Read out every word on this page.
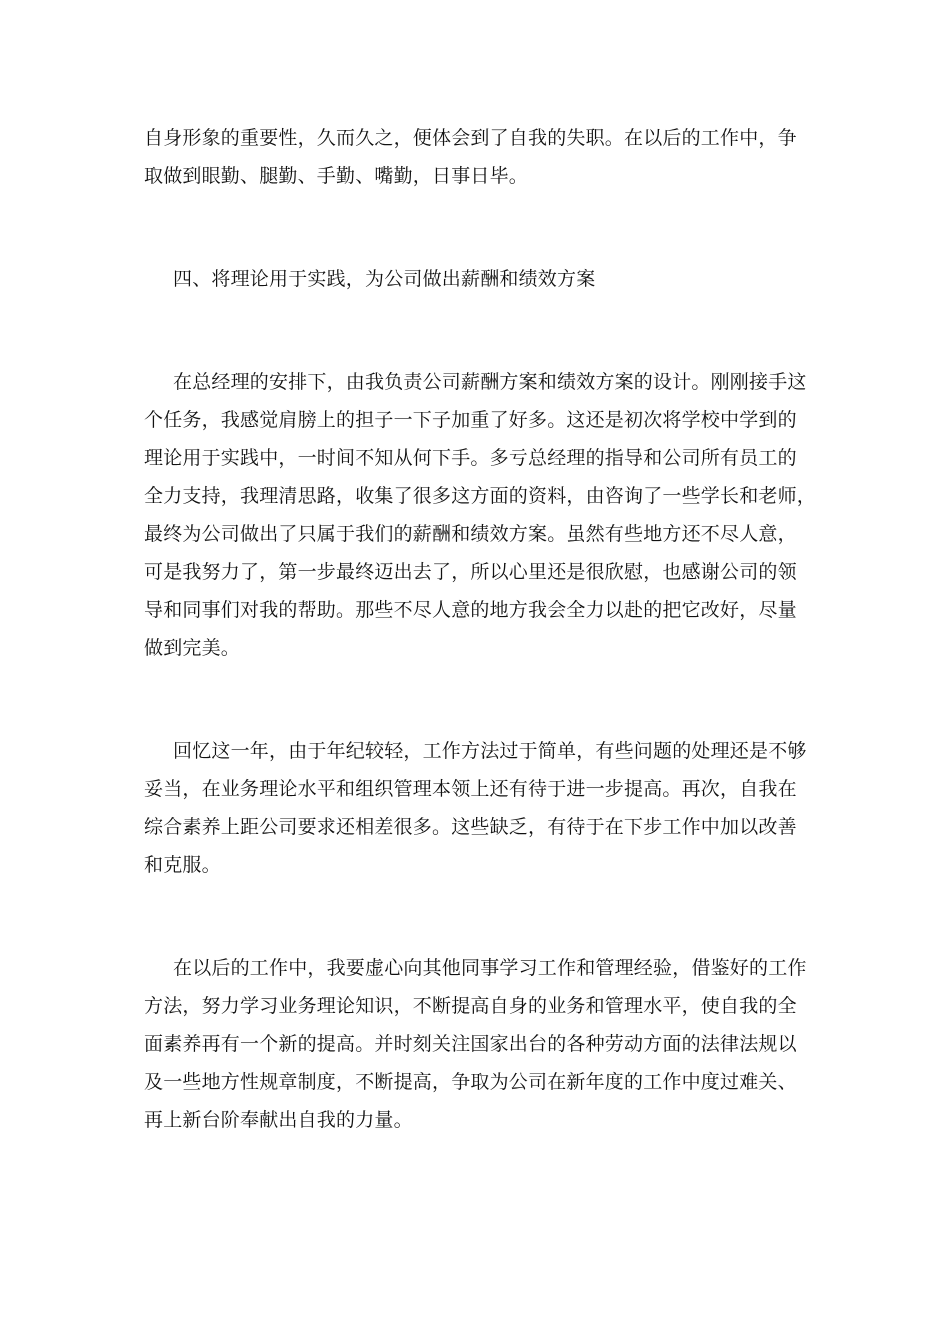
自身形象的重要性，久而久之，便体会到了自我的失职。在以后的工作中，争
取做到眼勤、腿勤、手勤、嘴勤，日事日毕。
四、将理论用于实践，为公司做出薪酬和绩效方案
在总经理的安排下，由我负责公司薪酬方案和绩效方案的设计。刚刚接手这
个任务，我感觉肩膀上的担子一下子加重了好多。这还是初次将学校中学到的
理论用于实践中，一时间不知从何下手。多亏总经理的指导和公司所有员工的
全力支持，我理清思路，收集了很多这方面的资料，由咨询了一些学长和老师，
最终为公司做出了只属于我们的薪酬和绩效方案。虽然有些地方还不尽人意，
可是我努力了，第一步最终迈出去了，所以心里还是很欣慰，也感谢公司的领
导和同事们对我的帮助。那些不尽人意的地方我会全力以赴的把它改好，尽量
做到完美。
回忆这一年，由于年纪较轻，工作方法过于简单，有些问题的处理还是不够
妥当，在业务理论水平和组织管理本领上还有待于进一步提高。再次，自我在
综合素养上距公司要求还相差很多。这些缺乏，有待于在下步工作中加以改善
和克服。
在以后的工作中，我要虚心向其他同事学习工作和管理经验，借鉴好的工作
方法，努力学习业务理论知识，不断提高自身的业务和管理水平，使自我的全
面素养再有一个新的提高。并时刻关注国家出台的各种劳动方面的法律法规以
及一些地方性规章制度，不断提高，争取为公司在新年度的工作中度过难关、
再上新台阶奉献出自我的力量。
